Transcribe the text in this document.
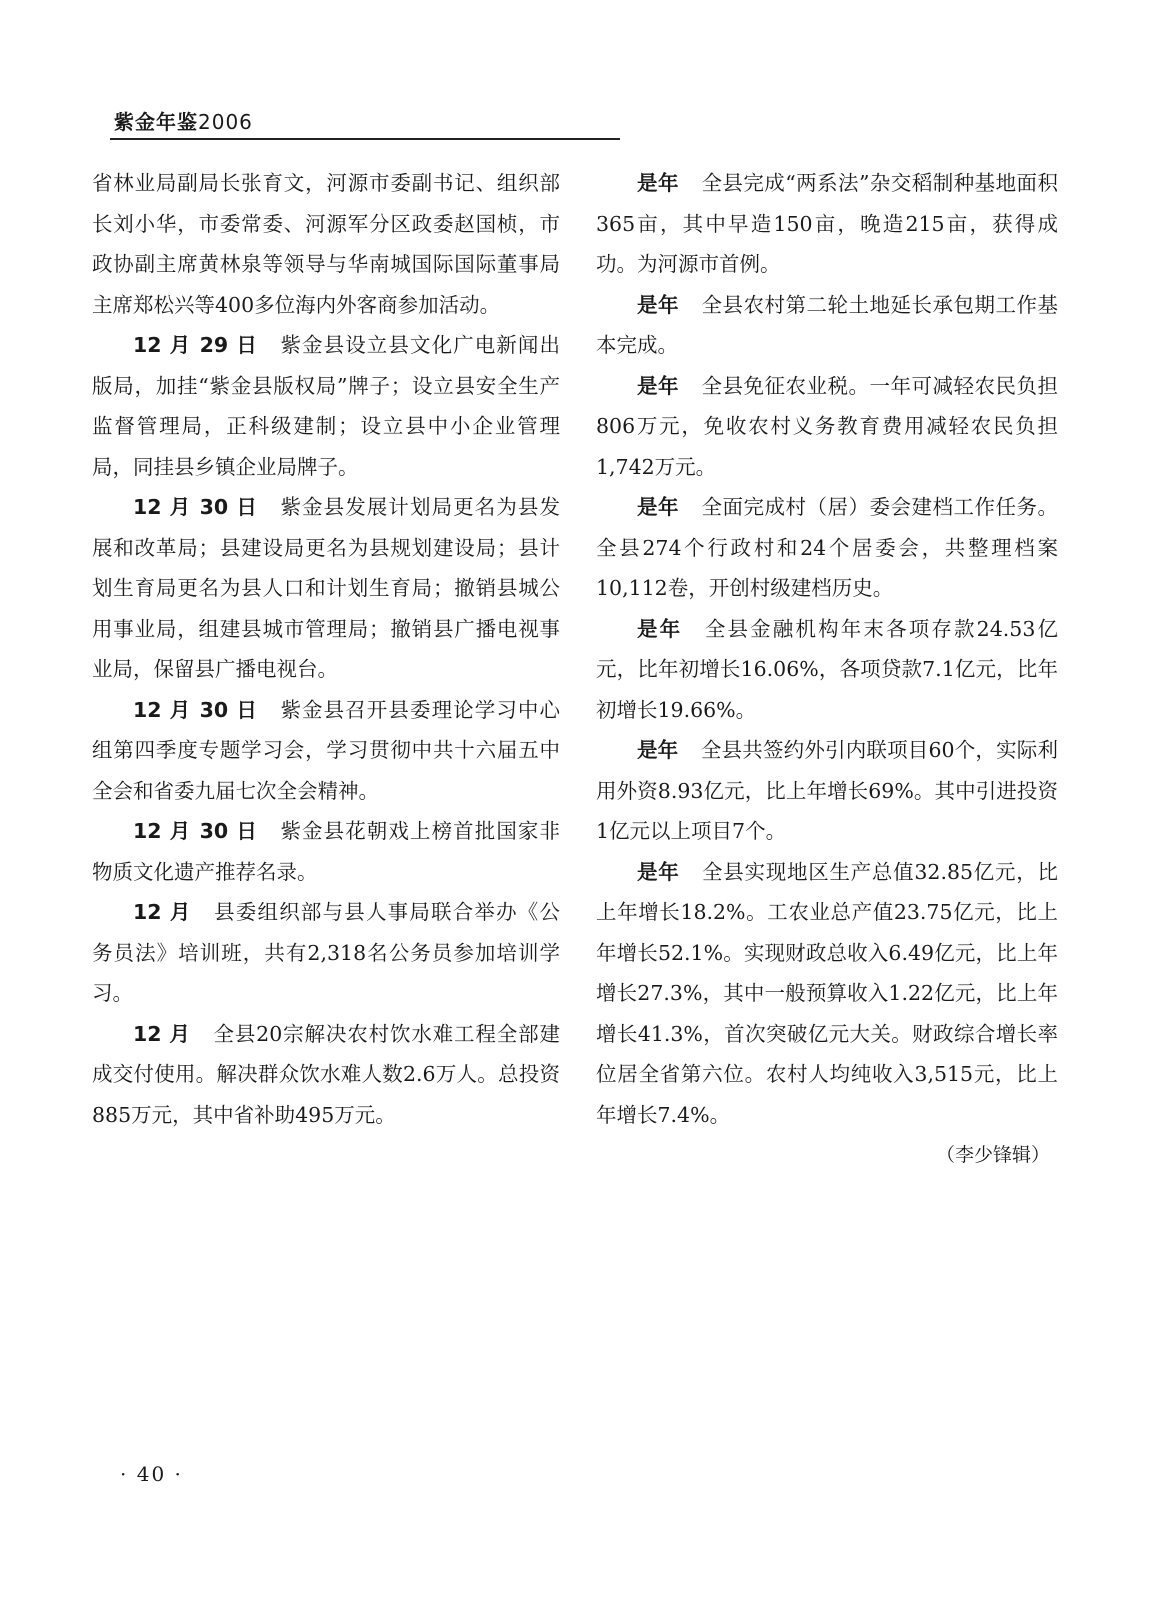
紫金年鉴2006

省林业局副局长张育文，河源市委副书记、组织部长刘小华，市委常委、河源军分区政委赵国桢，市政协副主席黄林泉等领导与华南城国际国际董事局主席郑松兴等400多位海内外客商参加活动。

12 月 29 日 紫金县设立县文化广电新闻出版局，加挂“紫金县版权局”牌子；设立县安全生产监督管理局，正科级建制；设立县中小企业管理局，同挂县乡镇企业局牌子。

12 月 30 日 紫金县发展计划局更名为县发展和改革局；县建设局更名为县规划建设局；县计划生育局更名为县人口和计划生育局；撤销县城公用事业局，组建县城市管理局；撤销县广播电视事业局，保留县广播电视台。

12 月 30 日 紫金县召开县委理论学习中心组第四季度专题学习会，学习贯彻中共十六届五中全会和省委九届七次全会精神。

12 月 30 日 紫金县花朝戏上榜首批国家非物质文化遗产推荐名录。

12 月 县委组织部与县人事局联合举办《公务员法》培训班，共有2,318名公务员参加培训学习。

12 月 全县20宗解决农村饮水难工程全部建成交付使用。解决群众饮水难人数2.6万人。总投资885万元，其中省补助495万元。

是年 全县完成“两系法”杂交稻制种基地面积365亩，其中早造150亩，晚造215亩，获得成功。为河源市首例。

是年 全县农村第二轮土地延长承包期工作基本完成。

是年 全县免征农业税。一年可减轻农民负担806万元，免收农村义务教育费用减轻农民负担1,742万元。

是年 全面完成村（居）委会建档工作任务。全县274个行政村和24个居委会，共整理档案10,112卷，开创村级建档历史。

是年 全县金融机构年末各项存款24.53亿元，比年初增长16.06%，各项贷款7.1亿元，比年初增长19.66%。

是年 全县共签约外引内联项目60个，实际利用外资8.93亿元，比上年增长69%。其中引进投资1亿元以上项目7个。

是年 全县实现地区生产总值32.85亿元，比上年增长18.2%。工农业总产值23.75亿元，比上年增长52.1%。实现财政总收入6.49亿元，比上年增长27.3%，其中一般预算收入1.22亿元，比上年增长41.3%，首次突破亿元大关。财政综合增长率位居全省第六位。农村人均纯收入3,515元，比上年增长7.4%。

（李少锋辑）

· 40 ·
